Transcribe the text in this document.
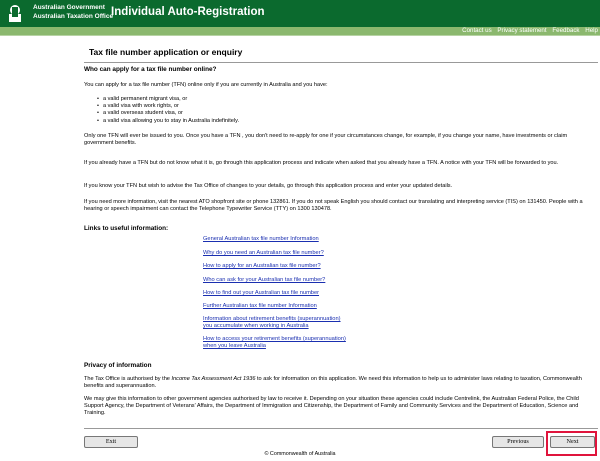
Australian Government
Australian Taxation Office
Individual Auto-Registration
Contact us Privacy statement Feedback Help
Tax file number application or enquiry
Who can apply for a tax file number online?
You can apply for a tax file number (TFN) online only if you are currently in Australia and you have:
• a valid permanent migrant visa, or
• a valid visa with work rights, or
• a valid overseas student visa, or
• a valid visa allowing you to stay in Australia indefinitely.
Only one TFN will ever be issued to you. Once you have a TFN , you don't need to re-apply for one if your circumstances change, for example, if you change your name, have investments or claim government benefits.
If you already have a TFN but do not know what it is, go through this application process and indicate when asked that you already have a TFN. A notice with your TFN will be forwarded to you.
If you know your TFN but wish to advise the Tax Office of changes to your details, go through this application process and enter your updated details.
If you need more information, visit the nearest ATO shopfront site or phone 132861. If you do not speak English you should contact our translating and interpreting service (TIS) on 131450. People with a hearing or speech impairment can contact the Telephone Typewriter Service (TTY) on 1300 130478.
Links to useful information:
General Australian tax file number Information
Why do you need an Australian tax file number?
How to apply for an Australian tax file number?
Who can ask for your Australian tax file number?
How to find out your Australian tax file number
Further Australian tax file number Information
Information about retirement benefits (superannuation)
you accumulate when working in Australia
How to access your retirement benefits (superannuation)
when you leave Australia
Privacy of information
The Tax Office is authorised by the Income Tax Assessment Act 1936 to ask for information on this application. We need this information to help us to administer laws relating to taxation, Commonwealth benefits and superannuation.
We may give this information to other government agencies authorised by law to receive it. Depending on your situation these agencies could include Centrelink, the Australian Federal Police, the Child Support Agency, the Department of Veterans' Affairs, the Department of Immigration and Citizenship, the Department of Family and Community Services and the Department of Education, Science and Training.
Exit	Previous	Next
© Commonwealth of Australia
